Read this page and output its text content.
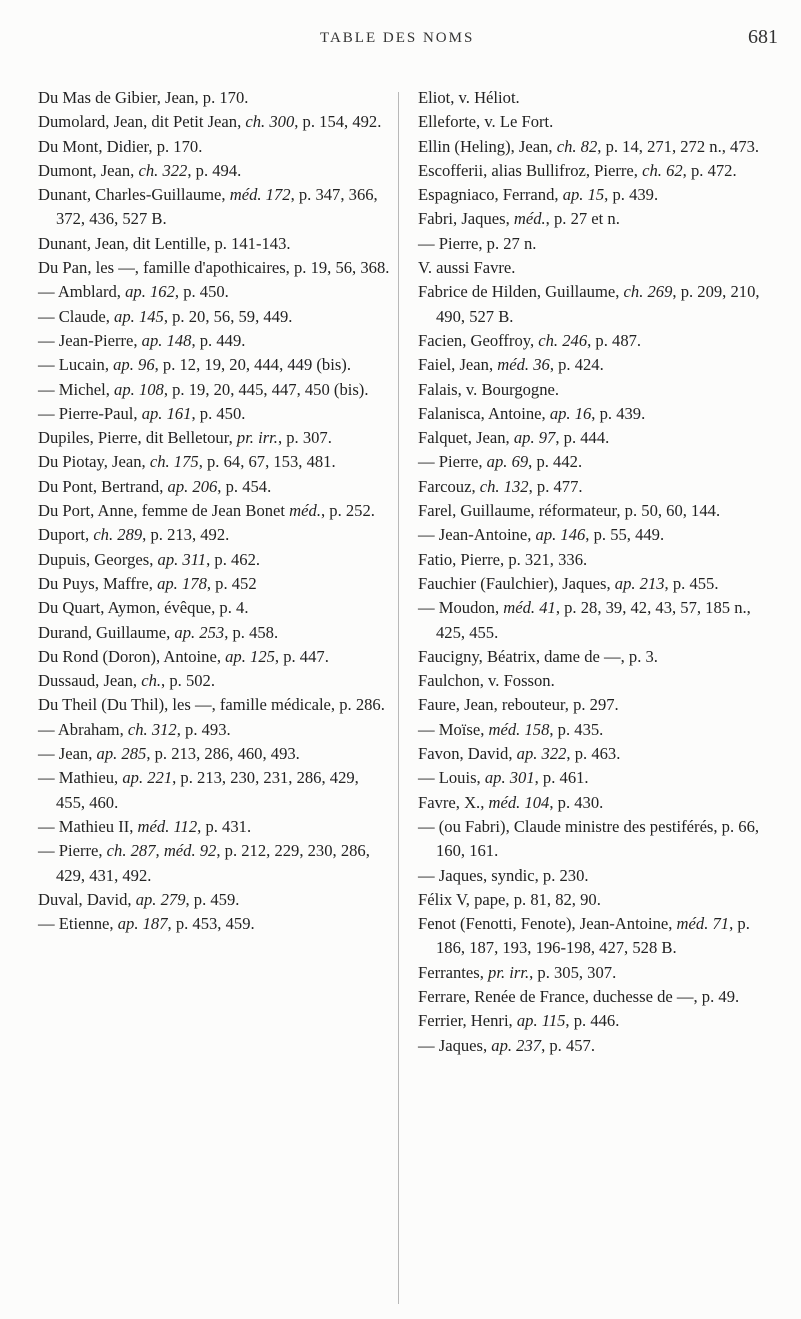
TABLE DES NOMS	681

Du Mas de Gibier, Jean, p. 170.

Dumolard, Jean, dit Petit Jean, ch. 300, p. 154, 492.

Du Mont, Didier, p. 170.

Dumont, Jean, ch. 322, p. 494.

Dunant, Charles-Guillaume, méd. 172, p. 347, 366, 372, 436, 527 B.

Dunant, Jean, dit Lentille, p. 141-143.

Du Pan, les —, famille d'apothicaires, p. 19, 56, 368.

— Amblard, ap. 162, p. 450.

— Claude, ap. 145, p. 20, 56, 59, 449.

— Jean-Pierre, ap. 148, p. 449.

— Lucain, ap. 96, p. 12, 19, 20, 444, 449 (bis).

— Michel, ap. 108, p. 19, 20, 445, 447, 450 (bis).

— Pierre-Paul, ap. 161, p. 450.

Dupiles, Pierre, dit Belletour, pr. irr., p. 307.

Du Piotay, Jean, ch. 175, p. 64, 67, 153, 481.

Du Pont, Bertrand, ap. 206, p. 454.

Du Port, Anne, femme de Jean Bonet méd., p. 252.

Duport, ch. 289, p. 213, 492.

Dupuis, Georges, ap. 311, p. 462.

Du Puys, Maffre, ap. 178, p. 452

Du Quart, Aymon, évêque, p. 4.

Durand, Guillaume, ap. 253, p. 458.

Du Rond (Doron), Antoine, ap. 125, p. 447.

Dussaud, Jean, ch., p. 502.

Du Theil (Du Thil), les —, famille médicale, p. 286.

— Abraham, ch. 312, p. 493.

— Jean, ap. 285, p. 213, 286, 460, 493.

— Mathieu, ap. 221, p. 213, 230, 231, 286, 429, 455, 460.

— Mathieu II, méd. 112, p. 431.

— Pierre, ch. 287, méd. 92, p. 212, 229, 230, 286, 429, 431, 492.

Duval, David, ap. 279, p. 459.

— Etienne, ap. 187, p. 453, 459.

Eliot, v. Héliot.

Elleforte, v. Le Fort.

Ellin (Heling), Jean, ch. 82, p. 14, 271, 272 n., 473.

Escofferii, alias Bullifroz, Pierre, ch. 62, p. 472.

Espagniaco, Ferrand, ap. 15, p. 439.

Fabri, Jaques, méd., p. 27 et n.

— Pierre, p. 27 n.

V. aussi Favre.

Fabrice de Hilden, Guillaume, ch. 269, p. 209, 210, 490, 527 B.

Facien, Geoffroy, ch. 246, p. 487.

Faiel, Jean, méd. 36, p. 424.

Falais, v. Bourgogne.

Falanisca, Antoine, ap. 16, p. 439.

Falquet, Jean, ap. 97, p. 444.

— Pierre, ap. 69, p. 442.

Farcouz, ch. 132, p. 477.

Farel, Guillaume, réformateur, p. 50, 60, 144.

— Jean-Antoine, ap. 146, p. 55, 449.

Fatio, Pierre, p. 321, 336.

Fauchier (Faulchier), Jaques, ap. 213, p. 455.

— Moudon, méd. 41, p. 28, 39, 42, 43, 57, 185 n., 425, 455.

Faucigny, Béatrix, dame de —, p. 3.

Faulchon, v. Fosson.

Faure, Jean, rebouteur, p. 297.

— Moïse, méd. 158, p. 435.

Favon, David, ap. 322, p. 463.

— Louis, ap. 301, p. 461.

Favre, X., méd. 104, p. 430.

— (ou Fabri), Claude ministre des pestiférés, p. 66, 160, 161.

— Jaques, syndic, p. 230.

Félix V, pape, p. 81, 82, 90.

Fenot (Fenotti, Fenote), Jean-Antoine, méd. 71, p. 186, 187, 193, 196-198, 427, 528 B.

Ferrantes, pr. irr., p. 305, 307.

Ferrare, Renée de France, duchesse de —, p. 49.

Ferrier, Henri, ap. 115, p. 446.

— Jaques, ap. 237, p. 457.
